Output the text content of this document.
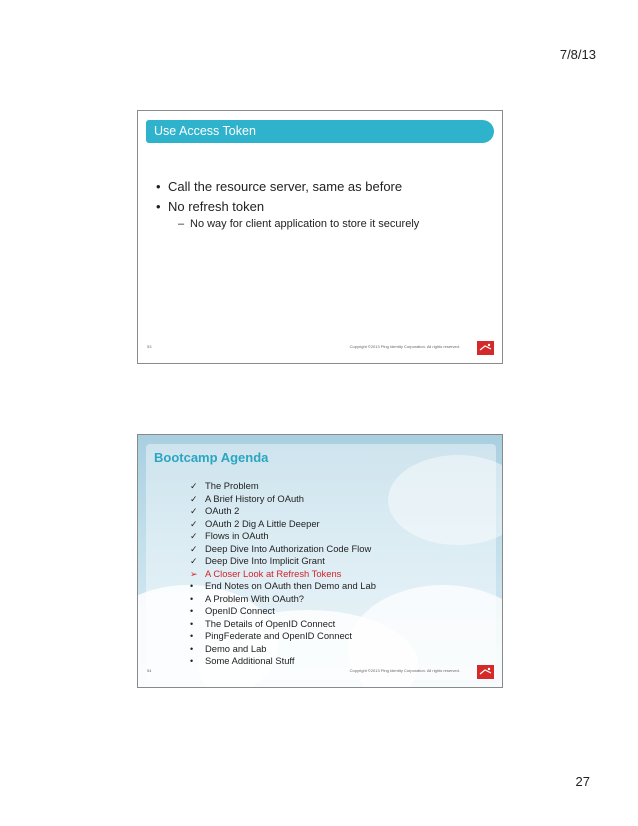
7/8/13
Use Access Token
• Call the resource server, same as before
• No refresh token
– No way for client application to store it securely
53	Copyright ©2013 Ping Identity Corporation. All rights reserved.
Bootcamp Agenda
✓ The Problem
✓ A Brief History of OAuth
✓ OAuth 2
✓ OAuth 2 Dig A Little Deeper
✓ Flows in OAuth
✓ Deep Dive Into Authorization Code Flow
✓ Deep Dive Into Implicit Grant
➢ A Closer Look at Refresh Tokens
• End Notes on OAuth then Demo and Lab
• A Problem With OAuth?
• OpenID Connect
• The Details of OpenID Connect
• PingFederate and OpenID Connect
• Demo and Lab
• Some Additional Stuff
54	Copyright ©2013 Ping Identity Corporation. All rights reserved.
27
